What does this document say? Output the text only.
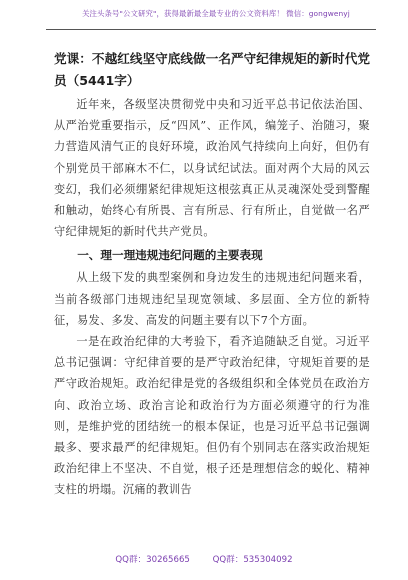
关注头条号"公文研究"，获得最新最全最专业的公文资料库！ 微信：gongwenyj
党课：不越红线坚守底线做一名严守纪律规矩的新时代党员（5441字）

近年来，各级坚决贯彻党中央和习近平总书记依法治国、从严治党重要指示，反“四风”、正作风，编笼子、治随习，聚力营造风清气正的良好环境，政治风气持续向上向好，但仍有个别党员干部麻木不仁，以身试纪试法。面对两个大局的风云变幻，我们必须绷紧纪律规矩这根弦真正从灵魂深处受到警醒和触动，始终心有所畏、言有所忌、行有所止，自觉做一名严守纪律规矩的新时代共产党员。

一、理一理违规违纪问题的主要表现

从上级下发的典型案例和身边发生的违规违纪问题来看，当前各级部门违规违纪呈现宽领域、多层面、全方位的新特征，易发、多发、高发的问题主要有以下7个方面。

一是在政治纪律的大考验下，看齐追随缺乏自觉。习近平总书记强调：守纪律首要的是严守政治纪律，守规矩首要的是严守政治规矩。政治纪律是党的各级组织和全体党员在政治方向、政治立场、政治言论和政治行为方面必须遵守的行为准则，是维护党的团结统一的根本保证，也是习近平总书记强调最多、要求最严的纪律规矩。但仍有个别同志在落实政治规矩政治纪律上不坚决、不自觉，根子还是理想信念的蜕化、精神支柱的坍塌。沉痛的教训告

QQ群：30265665	QQ群：535304092
